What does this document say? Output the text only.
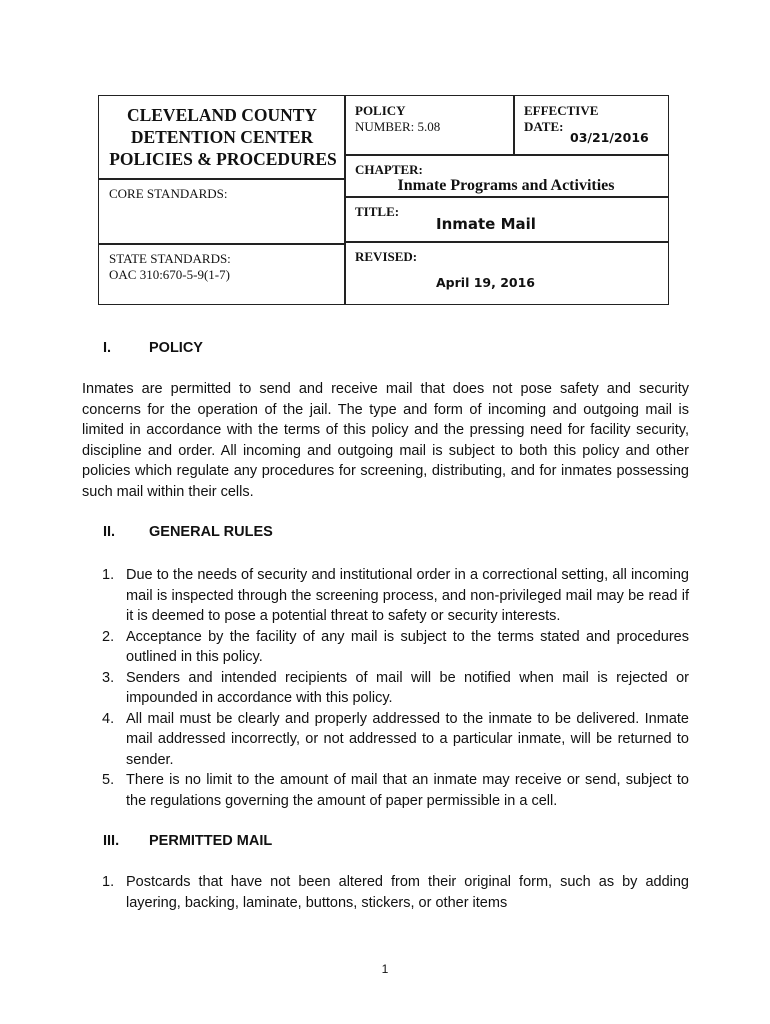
CLEVELAND COUNTY
DETENTION CENTER
POLICIES & PROCEDURES
CORE STANDARDS:
STATE STANDARDS:
OAC 310:670-5-9(1-7)
POLICY
NUMBER: 5.08
EFFECTIVE
DATE:
03/21/2016
CHAPTER:
Inmate Programs and Activities
TITLE:
Inmate Mail
REVISED:
April 19, 2016
I.	POLICY
Inmates are permitted to send and receive mail that does not pose safety and security concerns for the operation of the jail. The type and form of incoming and outgoing mail is limited in accordance with the terms of this policy and the pressing need for facility security, discipline and order. All incoming and outgoing mail is subject to both this policy and other policies which regulate any procedures for screening, distributing, and for inmates possessing such mail within their cells.
II. GENERAL RULES
1. Due to the needs of security and institutional order in a correctional setting, all incoming mail is inspected through the screening process, and non-privileged mail may be read if it is deemed to pose a potential threat to safety or security interests.
2. Acceptance by the facility of any mail is subject to the terms stated and procedures outlined in this policy.
3. Senders and intended recipients of mail will be notified when mail is rejected or impounded in accordance with this policy.
4. All mail must be clearly and properly addressed to the inmate to be delivered. Inmate mail addressed incorrectly, or not addressed to a particular inmate, will be returned to sender.
5. There is no limit to the amount of mail that an inmate may receive or send, subject to the regulations governing the amount of paper permissible in a cell.
III. PERMITTED MAIL
1. Postcards that have not been altered from their original form, such as by adding layering, backing, laminate, buttons, stickers, or other items
1
